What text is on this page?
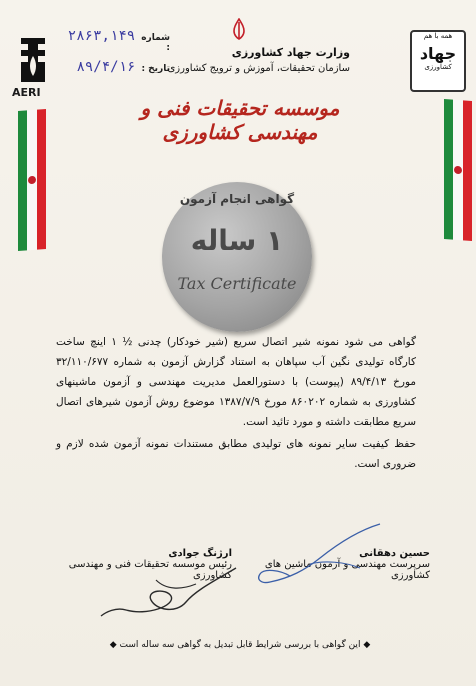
AERI
شماره :
۲۸۶۳,۱۴۹
تاریخ :
۸۹/۴/۱۶
وزارت جهاد کشاورزی
سازمان تحقیقات، آموزش و ترویج کشاورزی
موسسه تحقیقات فنی و مهندسی کشاورزی
همه با هم
جهاد
کشاورزی
گواهی انجام آزمون
۱ ساله
Tax Certificate

گواهی می شود نمونه شیر اتصال سریع (شیر خودکار) چدنی ½ ۱ اینچ ساخت کارگاه تولیدی نگین آب سپاهان به استناد گزارش آزمون به شماره ۳۲/۱۱۰/۶۷۷ مورخ ۸۹/۴/۱۳ (پیوست) با دستورالعمل مدیریت مهندسی و آزمون ماشینهای کشاورزی به شماره ۸۶۰۲۰۲ مورخ ۱۳۸۷/۷/۹ موضوع روش آزمون شیرهای اتصال سریع مطابقت داشته و مورد تائید است.

حفظ کیفیت سایر نمونه های تولیدی مطابق مستندات نمونه آزمون شده لازم و ضروری است.

حسین دهقانی
سرپرست مهندسی و آزمون ماشین های کشاورزی
ارژنگ جوادی
رئیس موسسه تحقیقات فنی و مهندسی کشاورزی
◆ این گواهی با بررسی شرایط قابل تبدیل به گواهی سه ساله است ◆
